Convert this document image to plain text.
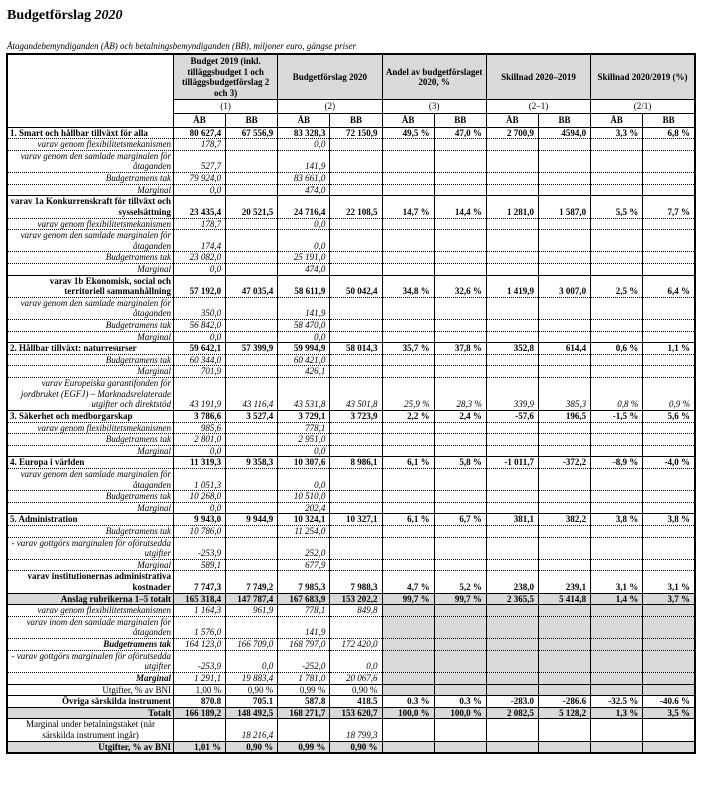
Budgetförslag 2020
Åtagandebemyndiganden (ÅB) och betalningsbemyndiganden (BB), miljoner euro, gängse priser
	Budget 2019 (inkl. tilläggsbudget 1 och tilläggsbudgetförslag 2 och 3)		Budgetförslag 2020		Andel av budgetförslaget 2020, %		Skillnad 2020–2019		Skillnad 2020/2019 (%)	
	(1)		(2)		(3)		(2–1)		(2/1)	
	ÅB	BB	ÅB	BB	ÅB	BB	ÅB	BB	ÅB	BB
1. Smart och hållbar tillväxt för alla	80 627,4	67 556,9	83 328,3	72 150,9	49,5 %	47,0 %	2 700,9	4594,0	3,3 %	6,8 %
varav genom flexibilitetsmekanismen	178,7		0,0							
varav genom den samlade marginalen för åtaganden	527,7		141,9							
Budgetramens tak	79 924,0		83 661,0							
Marginal	0,0		474,0							
varav 1a Konkurrenskraft för tillväxt och sysselsättning	23 435,4	20 521,5	24 716,4	22 108,5	14,7 %	14,4 %	1 281,0	1 587,0	5,5 %	7,7 %
varav genom flexibilitetsmekanismen	178,7		0,0							
varav genom den samlade marginalen för åtaganden	174,4		0,0							
Budgetramens tak	23 082,0		25 191,0							
Marginal	0,0		474,0							
varav 1b Ekonomisk, social och territoriell sammanhållning	57 192,0	47 035,4	58 611,9	50 042,4	34,8 %	32,6 %	1 419,9	3 007,0	2,5 %	6,4 %
varav genom den samlade marginalen för åtaganden	350,0		141,9							
Budgetramens tak	56 842,0		58 470,0							
Marginal	0,0		0,0							
2. Hållbar tillväxt: naturresurser	59 642,1	57 399,9	59 994,9	58 014,3	35,7 %	37,8 %	352,8	614,4	0,6 %	1,1 %
Budgetramens tak	60 344,0		60 421,0							
Marginal	701,9		426,1							
varav Europeiska garantifonden för jordbruket (EGFJ) – Marknadsrelaterade utgifter och direktstöd	43 191,9	43 116,4	43 531,8	43 501,8	25,9 %	28,3 %	339,9	385,3	0,8 %	0,9 %
3. Säkerhet och medborgarskap	3 786,6	3 527,4	3 729,1	3 723,9	2,2 %	2,4 %	-57,6	196,5	-1,5 %	5,6 %
varav genom flexibilitetsmekanismen	985,6		778,1							
Budgetramens tak	2 801,0		2 951,0							
Marginal	0,0		0,0							
4. Europa i världen	11 319,3	9 358,3	10 307,6	8 986,1	6,1 %	5,8 %	-1 011,7	-372,2	-8,9 %	-4,0 %
varav genom den samlade marginalen för åtaganden	1 051,3		0,0							
Budgetramens tak	10 268,0		10 510,0							
Marginal	0,0		202,4							
5. Administration	9 943,0	9 944,9	10 324,1	10 327,1	6,1 %	6,7 %	381,1	382,2	3,8 %	3,8 %
Budgetramens tak	10 786,0		11 254,0							
- varav gottgörs marginalen för oförutsedda utgifter	-253,9		252,0							
Marginal	589,1		677,9							
varav institutionernas administrativa kostnader	7 747,3	7 749,2	7 985,3	7 988,3	4,7 %	5,2 %	238,0	239,1	3,1 %	3,1 %
Anslag rubrikerna 1–5 totalt	165 318,4	147 787,4	167 683,9	153 202,2	99,7 %	99,7 %	2 365,5	5 414,8	1,4 %	3,7 %
varav genom flexibilitetsmekanismen	1 164,3	961,9	778,1	849,8						
varav inom den samlade marginalen för åtaganden	1 576,0		141,9							
Budgetramens tak	164 123,0	166 709,0	168 797,0	172 420,0						
- varav gottgörs marginalen för oförutsedda utgifter	-253,9	0,0	-252,0	0,0						
Marginal	1 291,1	19 883,4	1 781,0	20 067,6						
Utgifter, % av BNI	1,00 %	0,90 %	0,99 %	0,90 %						
Övriga särskilda instrument	870.8	705.1	587.8	418.5	0.3 %	0.3 %	-283.0	-286.6	-32.5 %	-40.6 %
Totalt	166 189,2	148 492,5	168 271,7	153 620,7	100,0 %	100,0 %	2 082,5	5 128,2	1,3 %	3,5 %
Marginal under betalningstaket (när särskilda instrument ingår)		18 216,4		18 799,3						
Utgifter, % av BNI	1,01 %	0,90 %	0,99 %	0,90 %						
